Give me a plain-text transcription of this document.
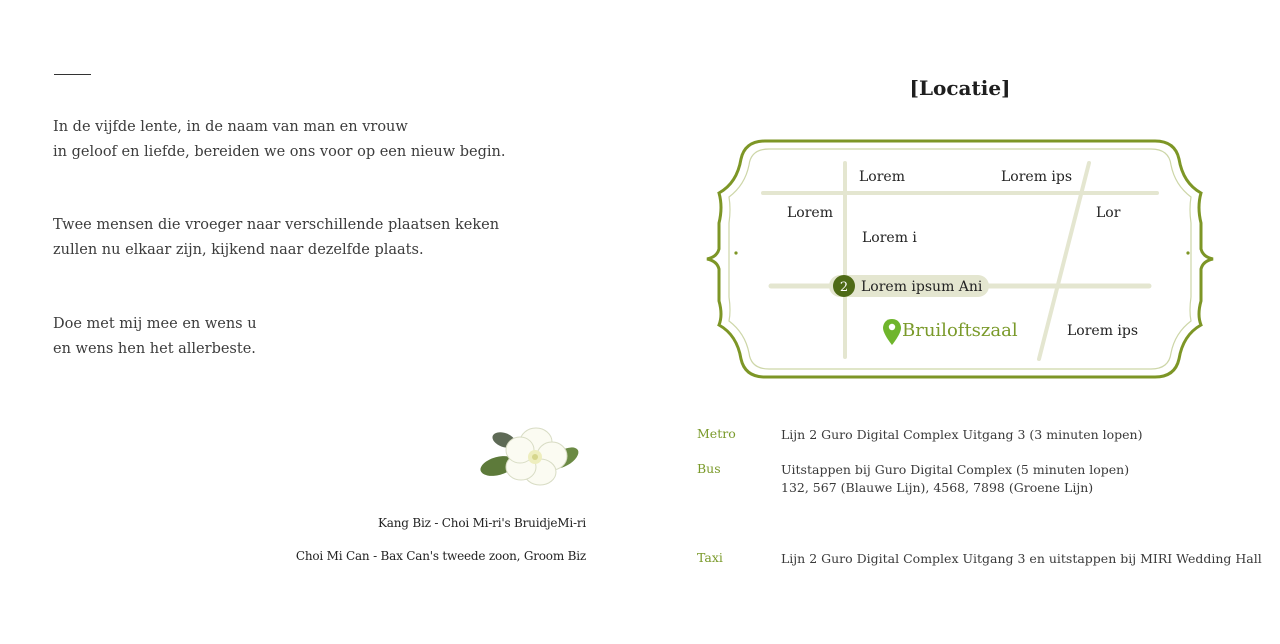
In de vijfde lente, in de naam van man en vrouw
in geloof en liefde, bereiden we ons voor op een nieuw begin.
Twee mensen die vroeger naar verschillende plaatsen keken
zullen nu elkaar zijn, kijkend naar dezelfde plaats.
Doe met mij mee en wens u
en wens hen het allerbeste.
Kang Biz - Choi Mi-ri's BruidjeMi-ri
Choi Mi Can - Bax Can's tweede zoon, Groom Biz
[Locatie]
2 Lorem ipsum Ani
Lorem	Lorem ips
Lorem
Lorem i
Lor
Lorem ips
Bruiloftszaal
Metro	Lijn 2 Guro Digital Complex Uitgang 3 (3 minuten lopen)
Bus	Uitstappen bij Guro Digital Complex (5 minuten lopen)
132, 567 (Blauwe Lijn), 4568, 7898 (Groene Lijn)
Taxi	Lijn 2 Guro Digital Complex Uitgang 3 en uitstappen bij MIRI Wedding Hall
